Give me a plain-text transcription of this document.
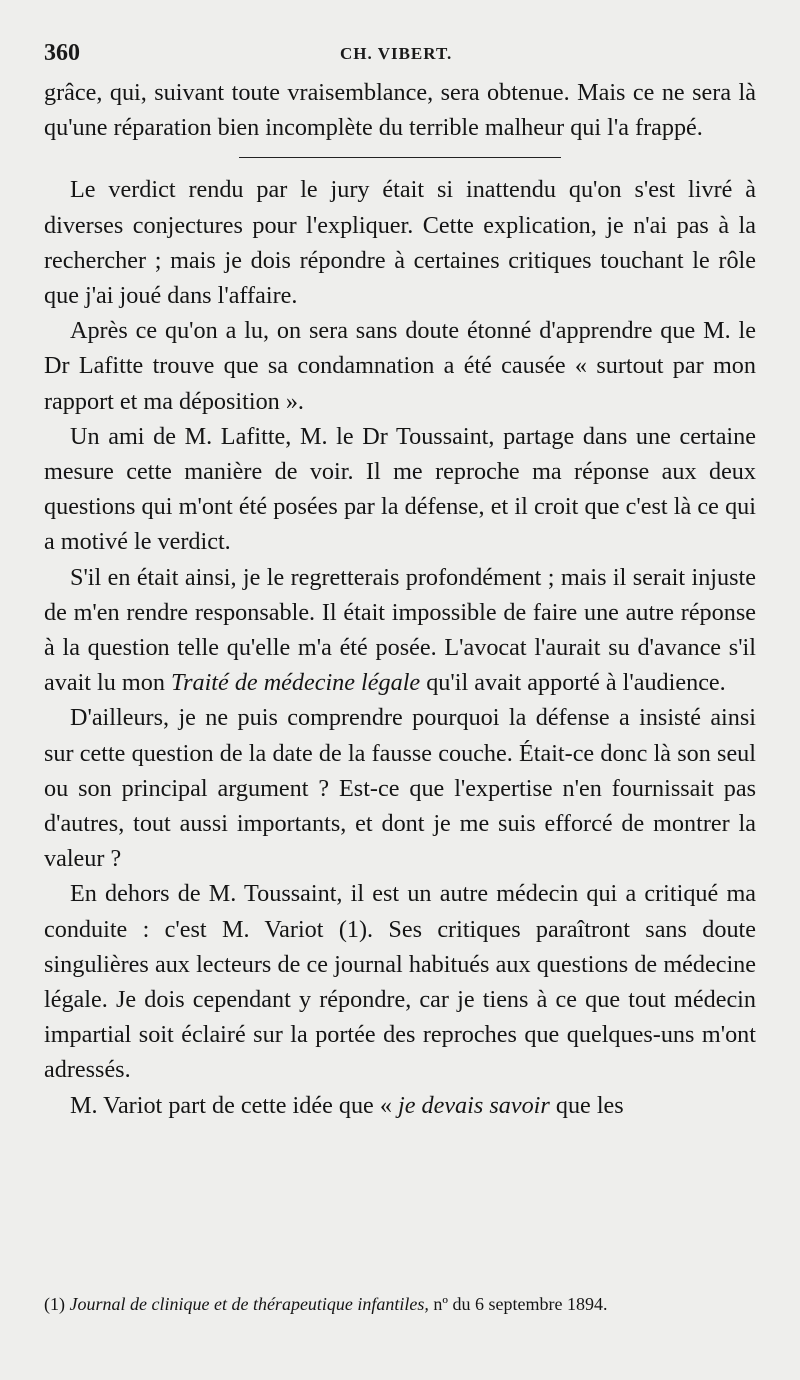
360	CH. VIBERT.

grâce, qui, suivant toute vraisemblance, sera obtenue. Mais ce ne sera là qu'une réparation bien incomplète du terrible malheur qui l'a frappé.

Le verdict rendu par le jury était si inattendu qu'on s'est livré à diverses conjectures pour l'expliquer. Cette explication, je n'ai pas à la rechercher ; mais je dois répondre à certaines critiques touchant le rôle que j'ai joué dans l'affaire.

Après ce qu'on a lu, on sera sans doute étonné d'apprendre que M. le Dr Lafitte trouve que sa condamnation a été causée « surtout par mon rapport et ma déposition ».

Un ami de M. Lafitte, M. le Dr Toussaint, partage dans une certaine mesure cette manière de voir. Il me reproche ma réponse aux deux questions qui m'ont été posées par la défense, et il croit que c'est là ce qui a motivé le verdict.

S'il en était ainsi, je le regretterais profondément ; mais il serait injuste de m'en rendre responsable. Il était impossible de faire une autre réponse à la question telle qu'elle m'a été posée. L'avocat l'aurait su d'avance s'il avait lu mon Traité de médecine légale qu'il avait apporté à l'audience.

D'ailleurs, je ne puis comprendre pourquoi la défense a insisté ainsi sur cette question de la date de la fausse couche. Était-ce donc là son seul ou son principal argument ? Est-ce que l'expertise n'en fournissait pas d'autres, tout aussi importants, et dont je me suis efforcé de montrer la valeur ?

En dehors de M. Toussaint, il est un autre médecin qui a critiqué ma conduite : c'est M. Variot (1). Ses critiques paraîtront sans doute singulières aux lecteurs de ce journal habitués aux questions de médecine légale. Je dois cependant y répondre, car je tiens à ce que tout médecin impartial soit éclairé sur la portée des reproches que quelques-uns m'ont adressés.

M. Variot part de cette idée que « je devais savoir que les

(1) Journal de clinique et de thérapeutique infantiles, nº du 6 septembre 1894.
